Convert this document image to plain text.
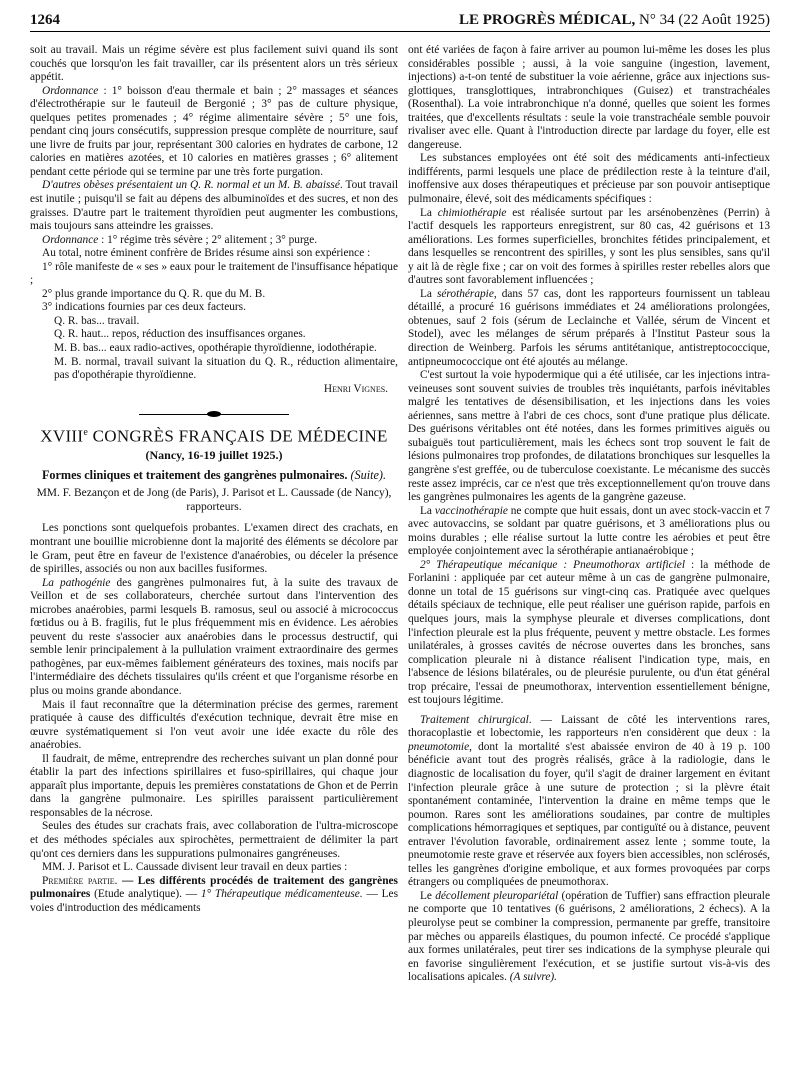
1264	LE PROGRÈS MÉDICAL, N° 34 (22 Août 1925)

soit au travail. Mais un régime sévère est plus facilement suivi quand ils sont couchés que lorsqu'on les fait travailler, car ils présentent alors un très sérieux appétit.

Ordonnance : 1° boisson d'eau thermale et bain ; 2° massages et séances d'électrothérapie sur le fauteuil de Bergonié ; 3° pas de culture physique, quelques petites promenades ; 4° régime alimentaire sévère ; 5° une fois, pendant cinq jours consécutifs, suppression presque complète de nourriture, sauf une livre de fruits par jour, représentant 300 calories en hydrates de carbone, 12 calories en matières azotées, et 10 calories en matières grasses ; 6° alitement pendant cette période qui se termine par une très forte purgation.

D'autres obèses présentaient un Q. R. normal et un M. B. abaissé. Tout travail est inutile ; puisqu'il se fait au dépens des albuminoïdes et des sucres, et non des graisses. D'autre part le traitement thyroïdien peut augmenter les combustions, mais toujours sans atteindre les graisses.

Ordonnance : 1° régime très sévère ; 2° alitement ; 3° purge.

Au total, notre éminent confrère de Brides résume ainsi son expérience :

1° rôle manifeste de « ses » eaux pour le traitement de l'insuffisance hépatique ;

2° plus grande importance du Q. R. que du M. B.

3° indications fournies par ces deux facteurs.

Q. R. bas... travail.

Q. R. haut... repos, réduction des insuffisances organes.

M. B. bas... eaux radio-actives, opothérapie thyroïdienne, iodothérapie.

M. B. normal, travail suivant la situation du Q. R., réduction alimentaire, pas d'opothérapie thyroïdienne.

Henri Vignes.

XVIIIe CONGRÈS FRANÇAIS DE MÉDECINE
(Nancy, 16-19 juillet 1925.)
Formes cliniques et traitement des gangrènes pulmonaires. (Suite).
MM. F. Bezançon et de Jong (de Paris), J. Parisot et L. Caussade (de Nancy), rapporteurs.

Les ponctions sont quelquefois probantes. L'examen direct des crachats, en montrant une bouillie microbienne dont la majorité des éléments se décolore par le Gram, peut être en faveur de l'existence d'anaérobies, ou déceler la présence de spirilles, associés ou non aux bacilles fusiformes.

La pathogénie des gangrènes pulmonaires fut, à la suite des travaux de Veillon et de ses collaborateurs, cherchée surtout dans l'intervention des microbes anaérobies, parmi lesquels B. ramosus, seul ou associé à micrococcus fœtidus ou à B. fragilis, fut le plus fréquemment mis en évidence. Les aérobies peuvent du reste s'associer aux anaérobies dans le processus destructif, qui semble lenir principalement à la pullulation vraiment extraordinaire des germes pathogènes, par eux-mêmes faiblement générateurs des toxines, mais nocifs par l'intermédiaire des déchets tissulaires qu'ils créent et que l'organisme résorbe en plus ou moins grande abondance.

Mais il faut reconnaître que la détermination précise des germes, rarement pratiquée à cause des difficultés d'exécution technique, devrait être mise en œuvre systématiquement si l'on veut avoir une idée exacte du rôle des anaérobies.

Il faudrait, de même, entreprendre des recherches suivant un plan donné pour établir la part des infections spirillaires et fuso-spirillaires, qui chaque jour apparaît plus importante, depuis les premières constatations de Ghon et de Perrin dans la gangrène pulmonaire. Les spirilles paraissent particulièrement responsables de la nécrose.

Seules des études sur crachats frais, avec collaboration de l'ultra-microscope et des méthodes spéciales aux spirochètes, permettraient de délimiter la part qu'ont ces derniers dans les suppurations pulmonaires gangréneuses.

MM. J. Parisot et L. Caussade divisent leur travail en deux parties :

Première partie. — Les différents procédés de traitement des gangrènes pulmonaires (Etude analytique). — 1° Thérapeutique médicamenteuse. — Les voies d'introduction des médicaments

ont été variées de façon à faire arriver au poumon lui-même les doses les plus considérables possible ; aussi, à la voie sanguine (ingestion, lavement, injections) a-t-on tenté de substituer la voie aérienne, grâce aux injections sus-glottiques, transglottiques, intrabronchiques (Guisez) et transtrachéales (Rosenthal). La voie intrabronchique n'a donné, quelles que soient les formes traitées, que d'excellents résultats : seule la voie transtrachéale semble pouvoir rivaliser avec elle. Quant à l'introduction directe par lardage du foyer, elle est dangereuse.

Les substances employées ont été soit des médicaments anti-infectieux indifférents, parmi lesquels une place de prédilection reste à la teinture d'ail, inoffensive aux doses thérapeutiques et précieuse par son pouvoir antiseptique pulmonaire, élevé, soit des médicaments spécifiques :

La chimiothérapie est réalisée surtout par les arsénobenzènes (Perrin) à l'actif desquels les rapporteurs enregistrent, sur 80 cas, 42 guérisons et 13 améliorations. Les formes superficielles, bronchites fétides principalement, et dans lesquelles se rencontrent des spirilles, y sont les plus sensibles, sans qu'il y ait là de règle fixe ; car on voit des formes à spirilles rester rebelles alors que d'autres sont favorablement influencées ;

La sérothérapie, dans 57 cas, dont les rapporteurs fournissent un tableau détaillé, a procuré 16 guérisons immédiates et 24 améliorations prolongées, obtenues, sauf 2 fois (sérum de Leclainche et Vallée, sérum de Vincent et Stodel), avec les mélanges de sérum préparés à l'Institut Pasteur sous la direction de Weinberg. Parfois les sérums antitétanique, antistreptococcique, antipneumococcique ont été ajoutés au mélange.

C'est surtout la voie hypodermique qui a été utilisée, car les injections intra-veineuses sont souvent suivies de troubles très inquiétants, parfois inévitables malgré les tentatives de désensibilisation, et les injections dans les voies aériennes, sans mettre à l'abri de ces chocs, sont d'une pratique plus délicate. Des guérisons véritables ont été notées, dans les formes primitives aiguës ou subaiguës tout particulièrement, mais les échecs sont trop souvent le fait de lésions pulmonaires trop profondes, de dilatations bronchiques sur lesquelles la gangrène s'est greffée, ou de tuberculose coexistante. Le mécanisme des succès reste assez imprécis, car ce n'est que très exceptionnellement qu'on trouve dans les gangrènes pulmonaires les agents de la gangrène gazeuse.

La vaccinothérapie ne compte que huit essais, dont un avec stock-vaccin et 7 avec autovaccins, se soldant par quatre guérisons, et 3 améliorations plus ou moins durables ; elle réalise surtout la lutte contre les aérobies et peut être employée conjointement avec la sérothérapie antianaérobique ;

2° Thérapeutique mécanique : Pneumothorax artificiel : la méthode de Forlanini : appliquée par cet auteur même à un cas de gangrène pulmonaire, donne un total de 15 guérisons sur vingt-cinq cas. Pratiquée avec quelques détails spéciaux de technique, elle peut réaliser une guérison rapide, parfois en quelques jours, mais la symphyse pleurale et diverses complications, dont l'infection pleurale est la plus fréquente, peuvent y mettre obstacle. Les formes unilatérales, à grosses cavités de nécrose ouvertes dans les bronches, sans complication pleurale ni à distance réalisent l'indication type, mais, en l'absence de lésions bilatérales, ou de pleurésie purulente, ou d'un état général trop précaire, l'essai de pneumothorax, intervention essentiellement bénigne, est toujours légitime.

Traitement chirurgical. — Laissant de côté les interventions rares, thoracoplastie et lobectomie, les rapporteurs n'en considèrent que deux : la pneumotomie, dont la mortalité s'est abaissée environ de 40 à 19 p. 100 bénéficie avant tout des progrès réalisés, grâce à la radiologie, dans le diagnostic de localisation du foyer, qu'il s'agit de drainer largement en évitant l'infection pleurale grâce à une suture de protection ; si la plèvre était spontanément contaminée, l'intervention la draine en même temps que le poumon. Rares sont les améliorations soudaines, par contre de multiples complications hémorragiques et septiques, par contiguïté ou à distance, peuvent entraver l'évolution favorable, ordinairement assez lente ; somme toute, la pneumotomie reste grave et réservée aux foyers bien accessibles, non sclérosés, telles les gangrènes d'origine embolique, et aux formes provoquées par corps étrangers ou compliquées de pneumothorax.

Le décollement pleuropariétal (opération de Tuffier) sans effraction pleurale ne comporte que 10 tentatives (6 guérisons, 2 améliorations, 2 échecs). A la pleurolyse peut se combiner la compression, permanente par greffe, transitoire par mèches ou appareils élastiques, du poumon infecté. Ce procédé s'applique aux formes unilatérales, peut tirer ses indications de la symphyse pleurale qui en favorise singulièrement l'exécution, et se justifie surtout vis-à-vis des localisations apicales. (A suivre).
